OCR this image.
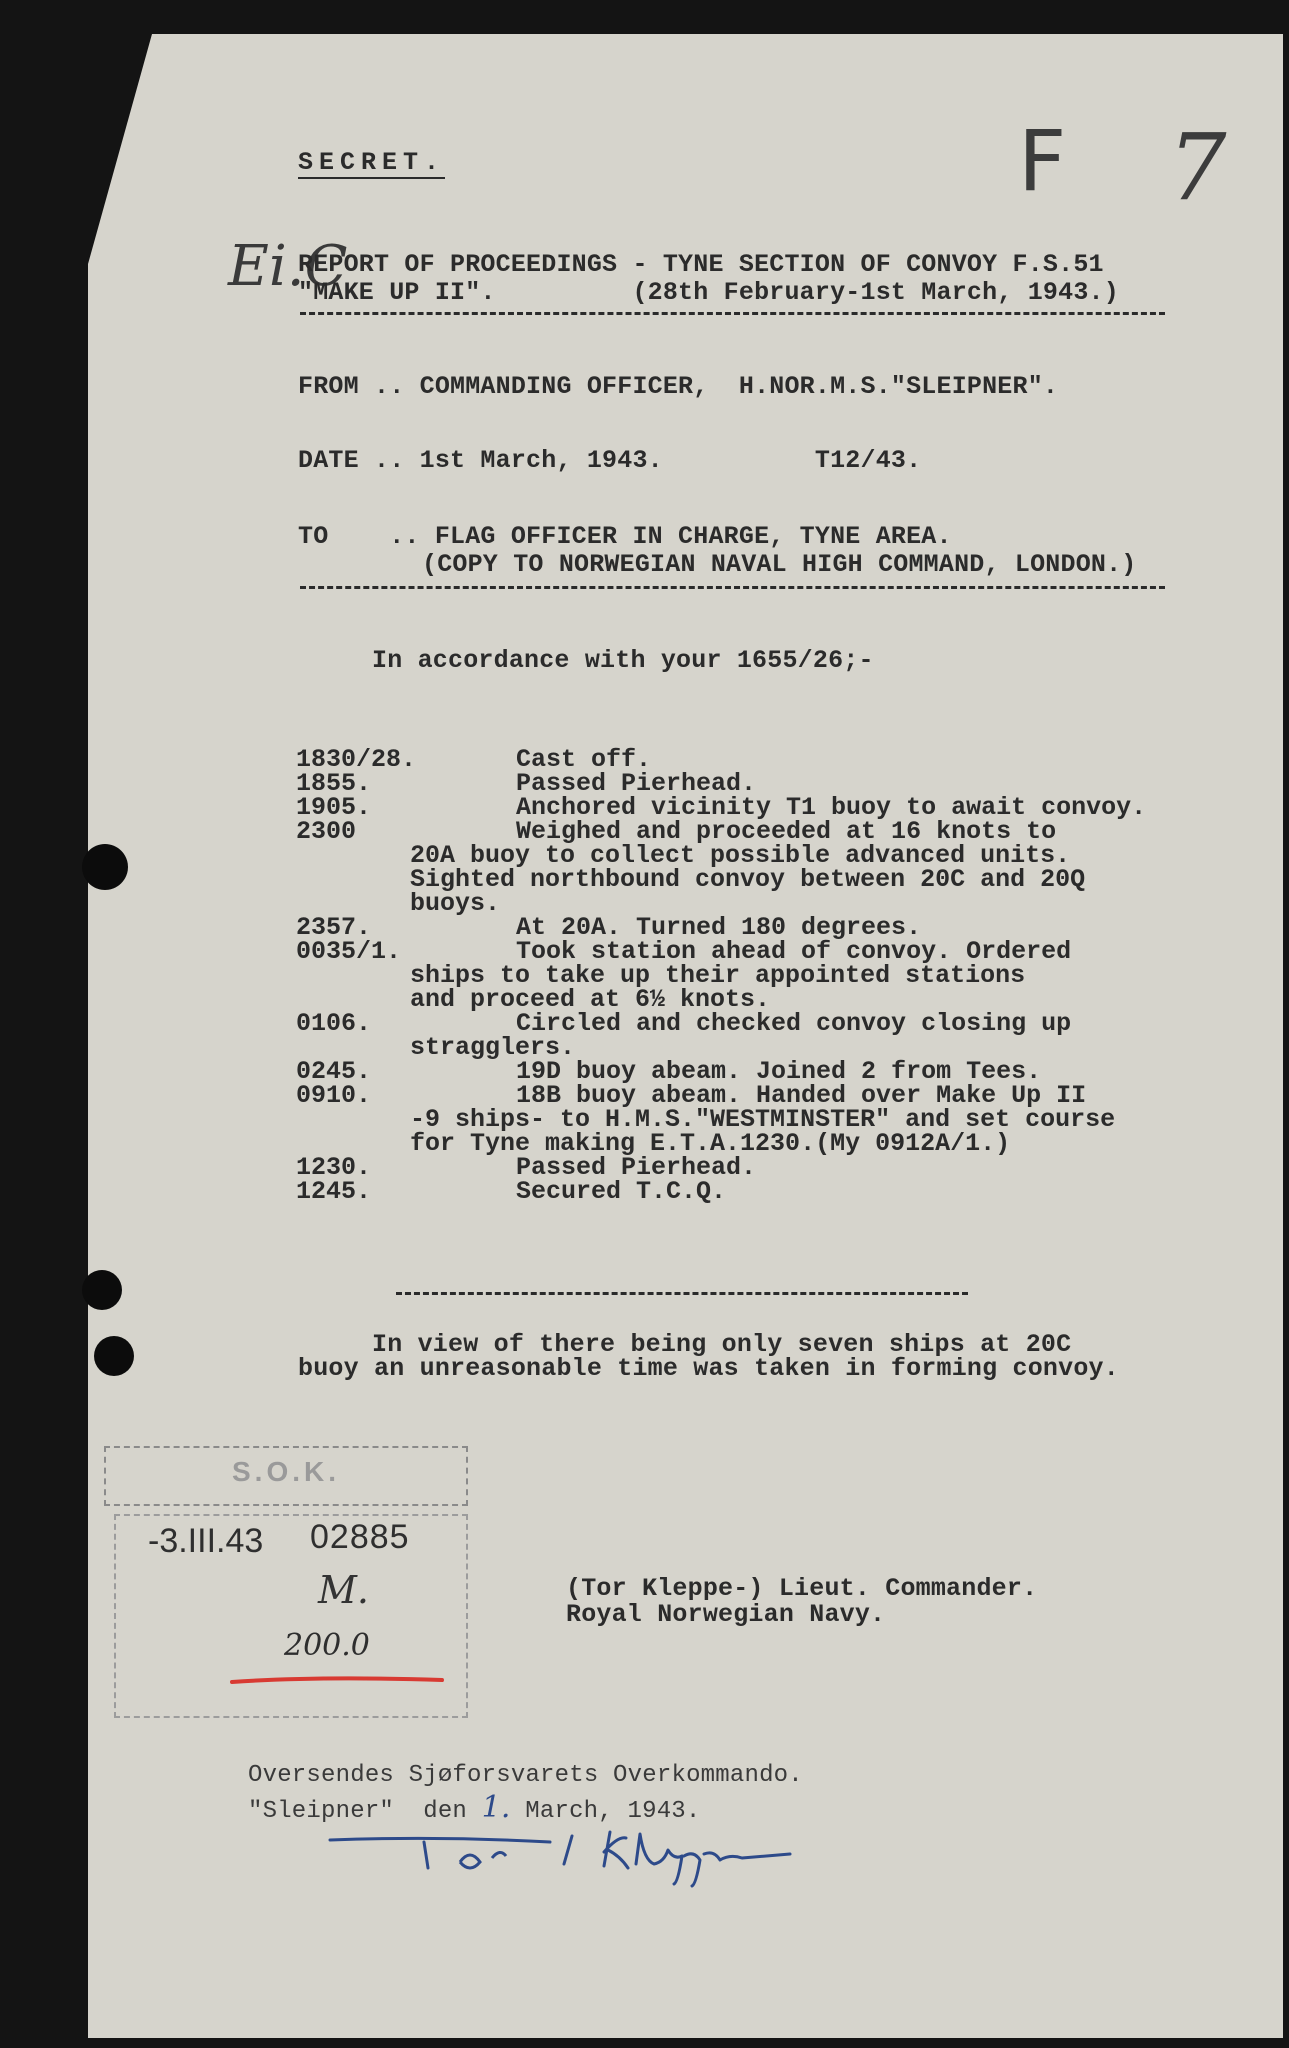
SECRET.	F 7
Ei.C
REPORT OF PROCEEDINGS - TYNE SECTION OF CONVOY F.S.51
"MAKE UP II".         (28th February-1st March, 1943.)
FROM .. COMMANDING OFFICER,  H.NOR.M.S."SLEIPNER".
DATE .. 1st March, 1943.          T12/43.
TO    .. FLAG OFFICER IN CHARGE, TYNE AREA.
(COPY TO NORWEGIAN NAVAL HIGH COMMAND, LONDON.)
In accordance with your 1655/26;-
1830/28.	Cast off.

1855.	Passed Pierhead.

1905.	Anchored vicinity T1 buoy to await convoy.

2300	Weighed and proceeded at 16 knots to
20A buoy to collect possible advanced units.
Sighted northbound convoy between 20C and 20Q
buoys.

2357.	At 20A. Turned 180 degrees.

0035/1.	Took station ahead of convoy. Ordered
ships to take up their appointed stations
and proceed at 6½ knots.

0106.	Circled and checked convoy closing up
stragglers.

0245.	19D buoy abeam. Joined 2 from Tees.

0910.	18B buoy abeam. Handed over Make Up II
-9 ships- to H.M.S."WESTMINSTER" and set course
for Tyne making E.T.A.1230.(My 0912A/1.)

1230.	Passed Pierhead.

1245.	Secured T.C.Q.
In view of there being only seven ships at 20C
buoy an unreasonable time was taken in forming convoy.
S.O.K.
-3.III.43 02885
M.
200.0
(Tor Kleppe-) Lieut. Commander.
Royal Norwegian Navy.
Oversendes Sjøforsvarets Overkommando.
"Sleipner"  den 1. March, 1943.
